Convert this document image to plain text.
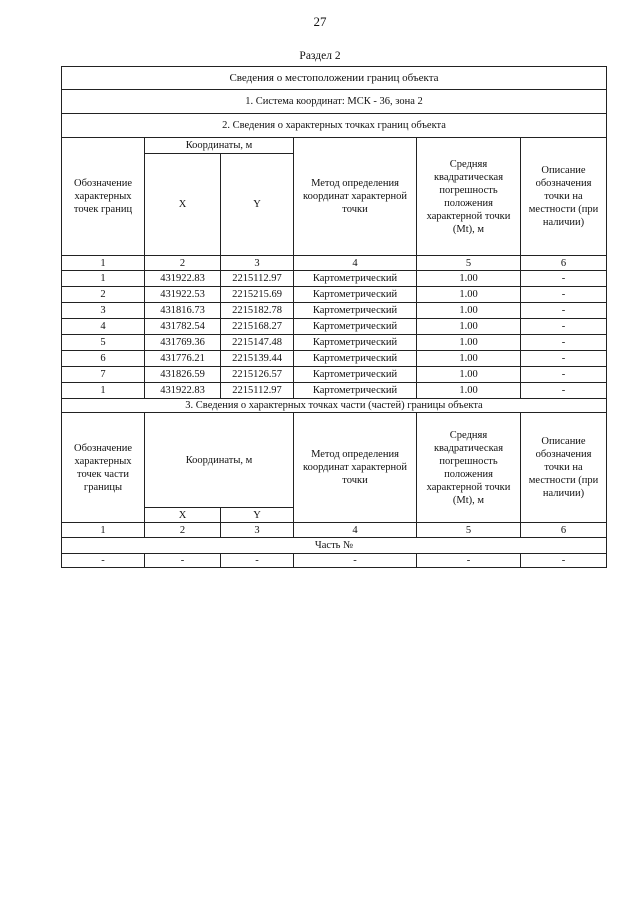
27
Раздел 2
Сведения о местоположении границ объекта					
1. Система координат: МСК - 36, зона 2					
2. Сведения о характерных точках границ объекта					
Обозначение характерных точек границ	Координаты, м		Метод определения координат характерной точки	Средняя квадратическая погрешность положения характерной точки (Mt), м	Описание обозначения точки на местности (при наличии)
	X	Y			
1	2	3	4	5	6
1	431922.83	2215112.97	Картометрический	1.00	-
2	431922.53	2215215.69	Картометрический	1.00	-
3	431816.73	2215182.78	Картометрический	1.00	-
4	431782.54	2215168.27	Картометрический	1.00	-
5	431769.36	2215147.48	Картометрический	1.00	-
6	431776.21	2215139.44	Картометрический	1.00	-
7	431826.59	2215126.57	Картометрический	1.00	-
1	431922.83	2215112.97	Картометрический	1.00	-
3. Сведения о характерных точках части (частей) границы объекта					
Обозначение характерных точек части границы	Координаты, м		Метод определения координат характерной точки	Средняя квадратическая погрешность положения характерной точки (Mt), м	Описание обозначения точки на местности (при наличии)
	X	Y			
1	2	3	4	5	6
Часть №					
-	-	-	-	-	-
